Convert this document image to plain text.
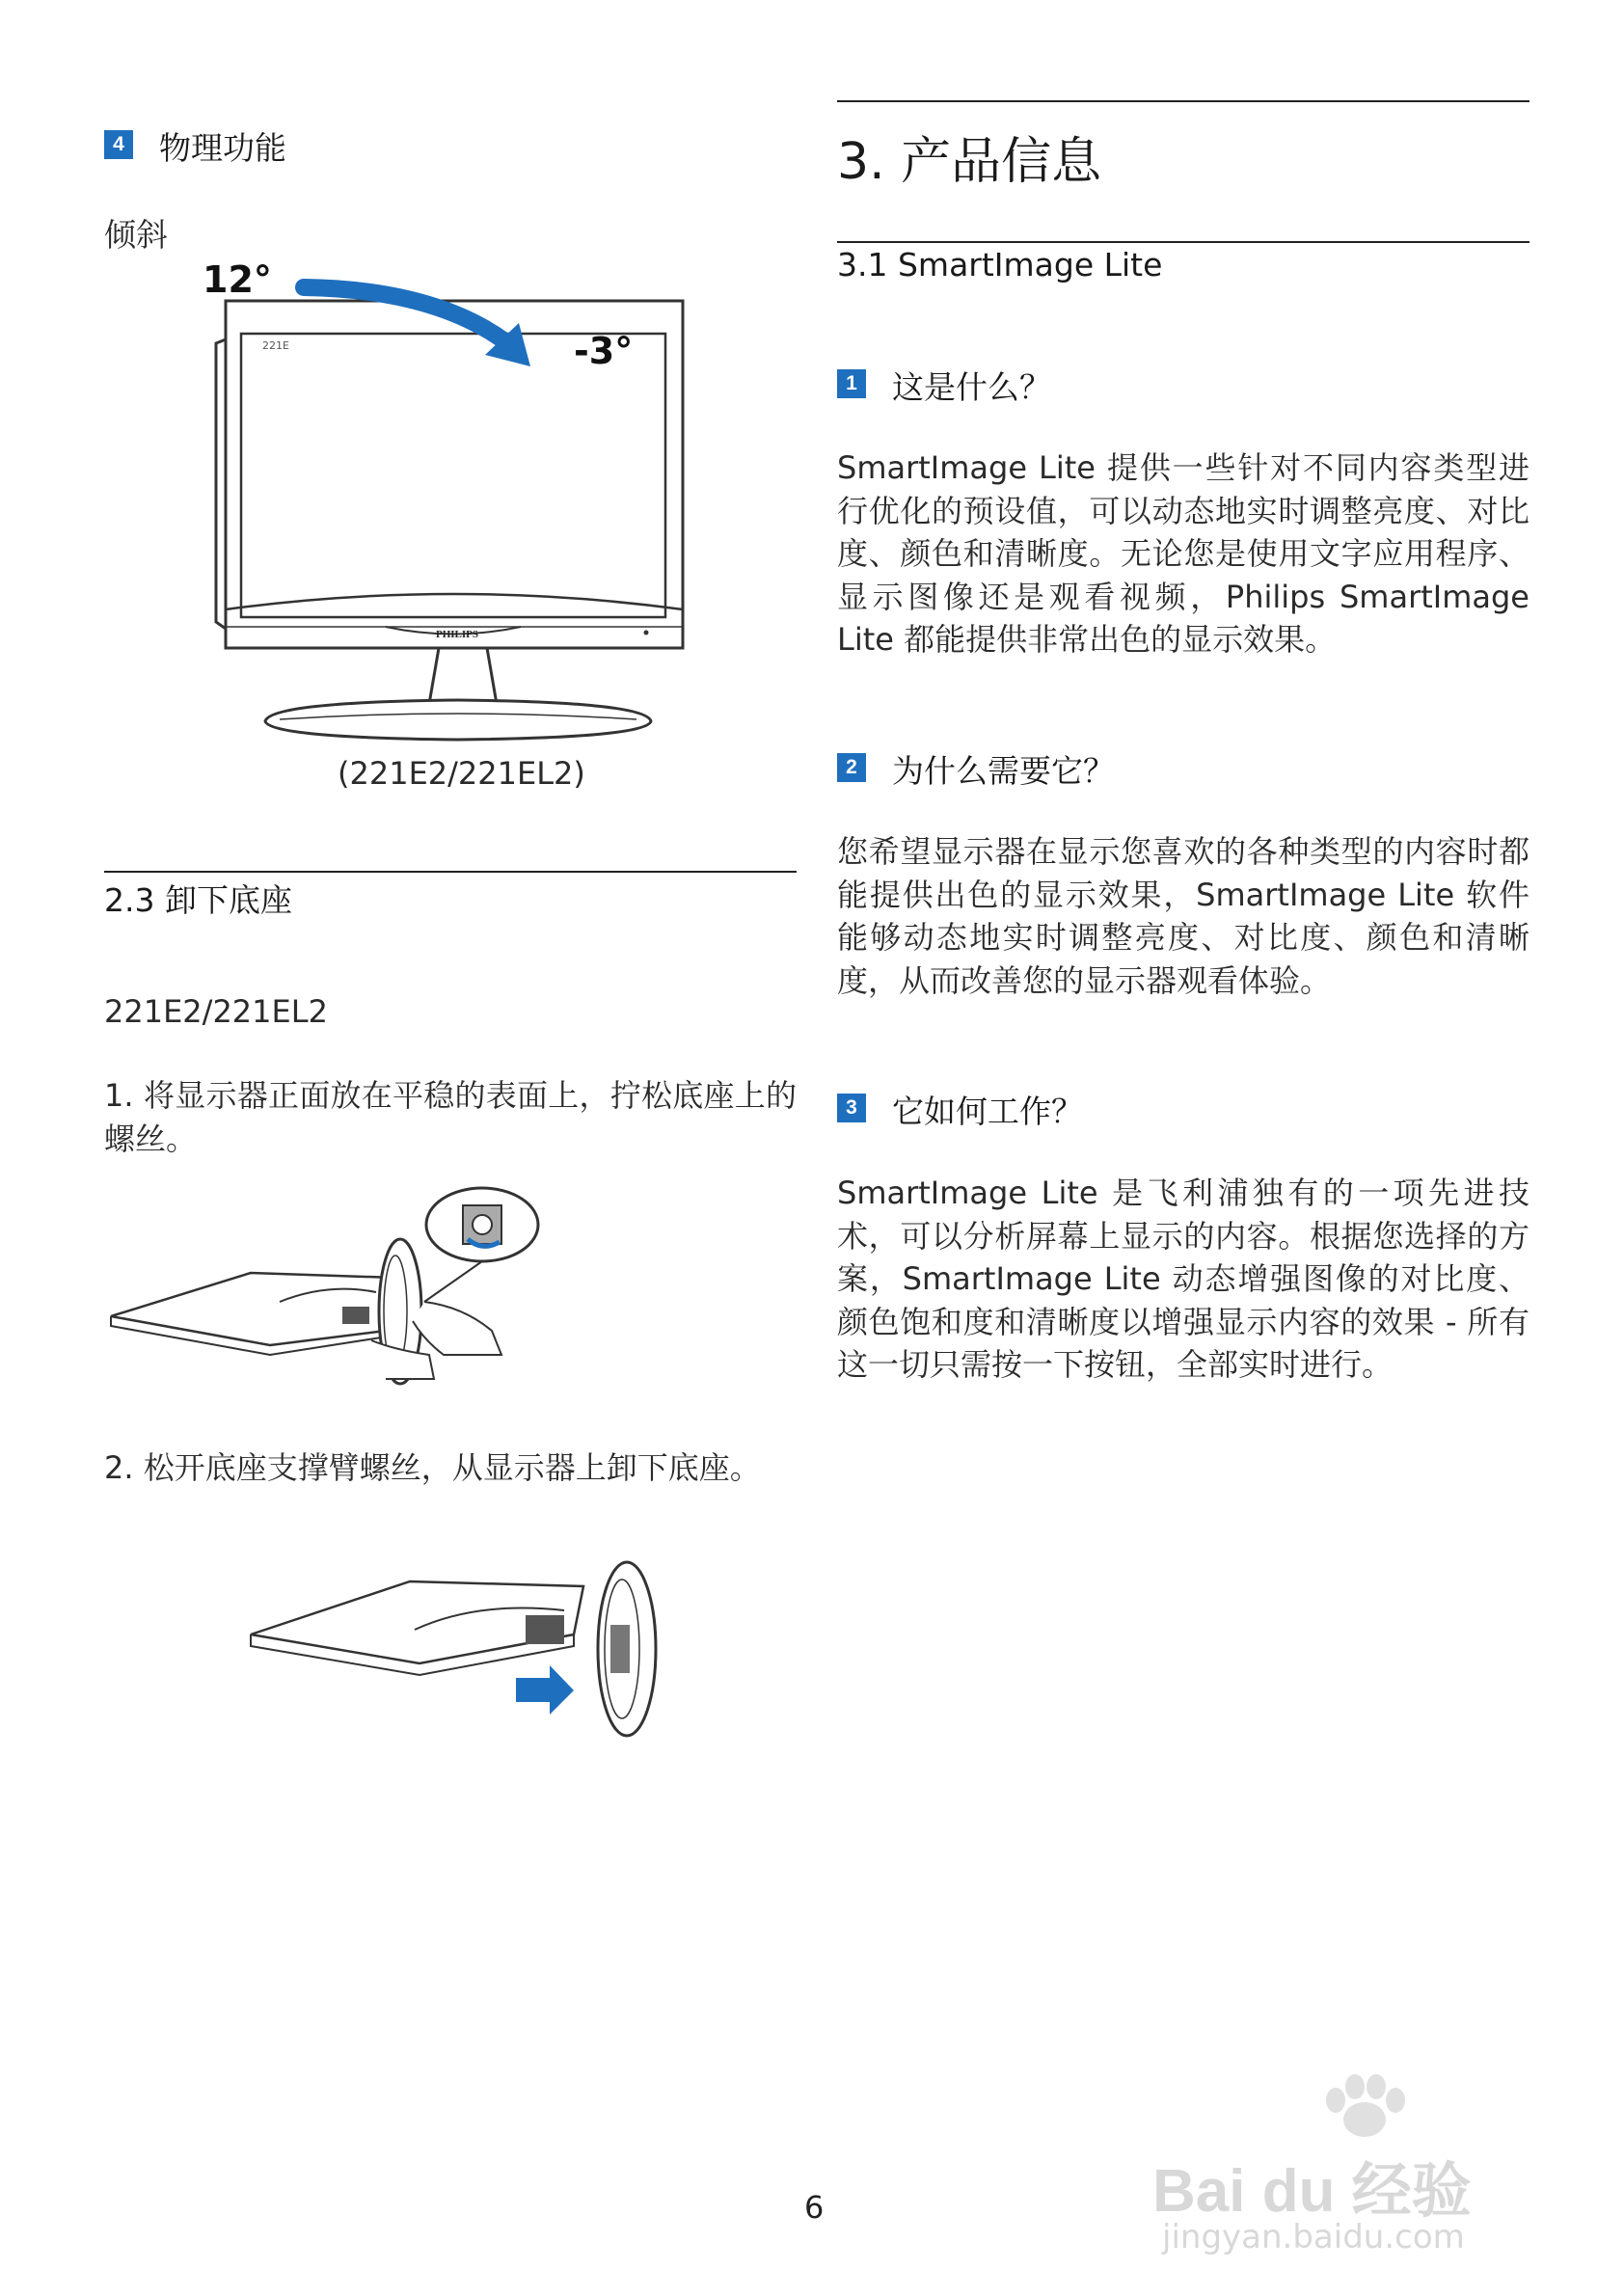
4 物理功能
倾斜
12°
-3°
221E
PHILIPS
(221E2/221EL2)
2.3 卸下底座
221E2/221EL2

1. 将显示器正面放在平稳的表面上，拧松底座上的螺丝。

2. 松开底座支撑臂螺丝，从显示器上卸下底座。

3. 产品信息
3.1 SmartImage Lite
1 这是什么？

SmartImage Lite 提供一些针对不同内容类型进行优化的预设值，可以动态地实时调整亮度、对比度、颜色和清晰度。无论您是使用文字应用程序、显示图像还是观看视频，Philips SmartImage Lite 都能提供非常出色的显示效果。

2 为什么需要它？

您希望显示器在显示您喜欢的各种类型的内容时都能提供出色的显示效果，SmartImage Lite 软件能够动态地实时调整亮度、对比度、颜色和清晰度，从而改善您的显示器观看体验。

3 它如何工作？

SmartImage Lite 是飞利浦独有的一项先进技术，可以分析屏幕上显示的内容。根据您选择的方案，SmartImage Lite 动态增强图像的对比度、颜色饱和度和清晰度以增强显示内容的效果 - 所有这一切只需按一下按钮，全部实时进行。

6	Bai du 经验
jingyan.baidu.com
